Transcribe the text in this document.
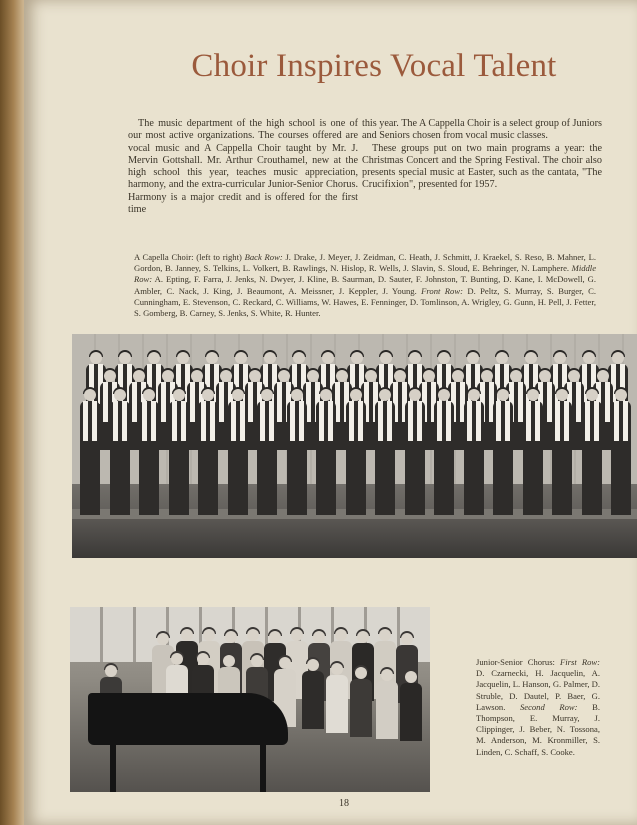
Choir Inspires Vocal Talent

The music department of the high school is one of our most active organizations. The courses offered are vocal music and A Cappella Choir taught by Mr. J. Mervin Gottshall. Mr. Arthur Crouthamel, new at the high school this year, teaches music appreciation, harmony, and the extra-curricular Junior-Senior Chorus. Harmony is a major credit and is offered for the first time

this year. The A Cappella Choir is a select group of Juniors and Seniors chosen from vocal music classes.

These groups put on two main programs a year: the Christmas Concert and the Spring Festival. The choir also presents special music at Easter, such as the cantata, "The Crucifixion", presented for 1957.

A Capella Choir: (left to right) Back Row: J. Drake, J. Meyer, J. Zeidman, C. Heath, J. Schmitt, J. Kraekel, S. Reso, B. Mahner, L. Gordon, B. Janney, S. Telkins, L. Volkert, B. Rawlings, N. Hislop, R. Wells, J. Slavin, S. Sloud, E. Behringer, N. Lamphere. Middle Row: A. Epting, F. Farra, J. Jenks, N. Dwyer, J. Kline, B. Saurman, D. Sauter, F. Johnston, T. Bunting, D. Kane, I. McDowell, G. Ambler, C. Nack, J. King, J. Beaumont, A. Meissner, J. Keppler, J. Young. Front Row: D. Peltz, S. Murray, S. Burger, C. Cunningham, E. Stevenson, C. Reckard, C. Williams, W. Hawes, E. Fenninger, D. Tomlinson, A. Wrigley, G. Gunn, H. Pell, J. Fetter, S. Gomberg, B. Carney, S. Jenks, S. White, R. Hunter.

Junior-Senior Chorus: First Row: D. Czarnecki, H. Jacquelin, A. Jacquelin, L. Hanson, G. Palmer, D. Struble, D. Dautel, P. Baer, G. Lawson. Second Row: B. Thompson, E. Murray, J. Clippinger, J. Beber, N. Tossona, M. Anderson, M. Kronmiller, S. Linden, C. Schaff, S. Cooke.

18
